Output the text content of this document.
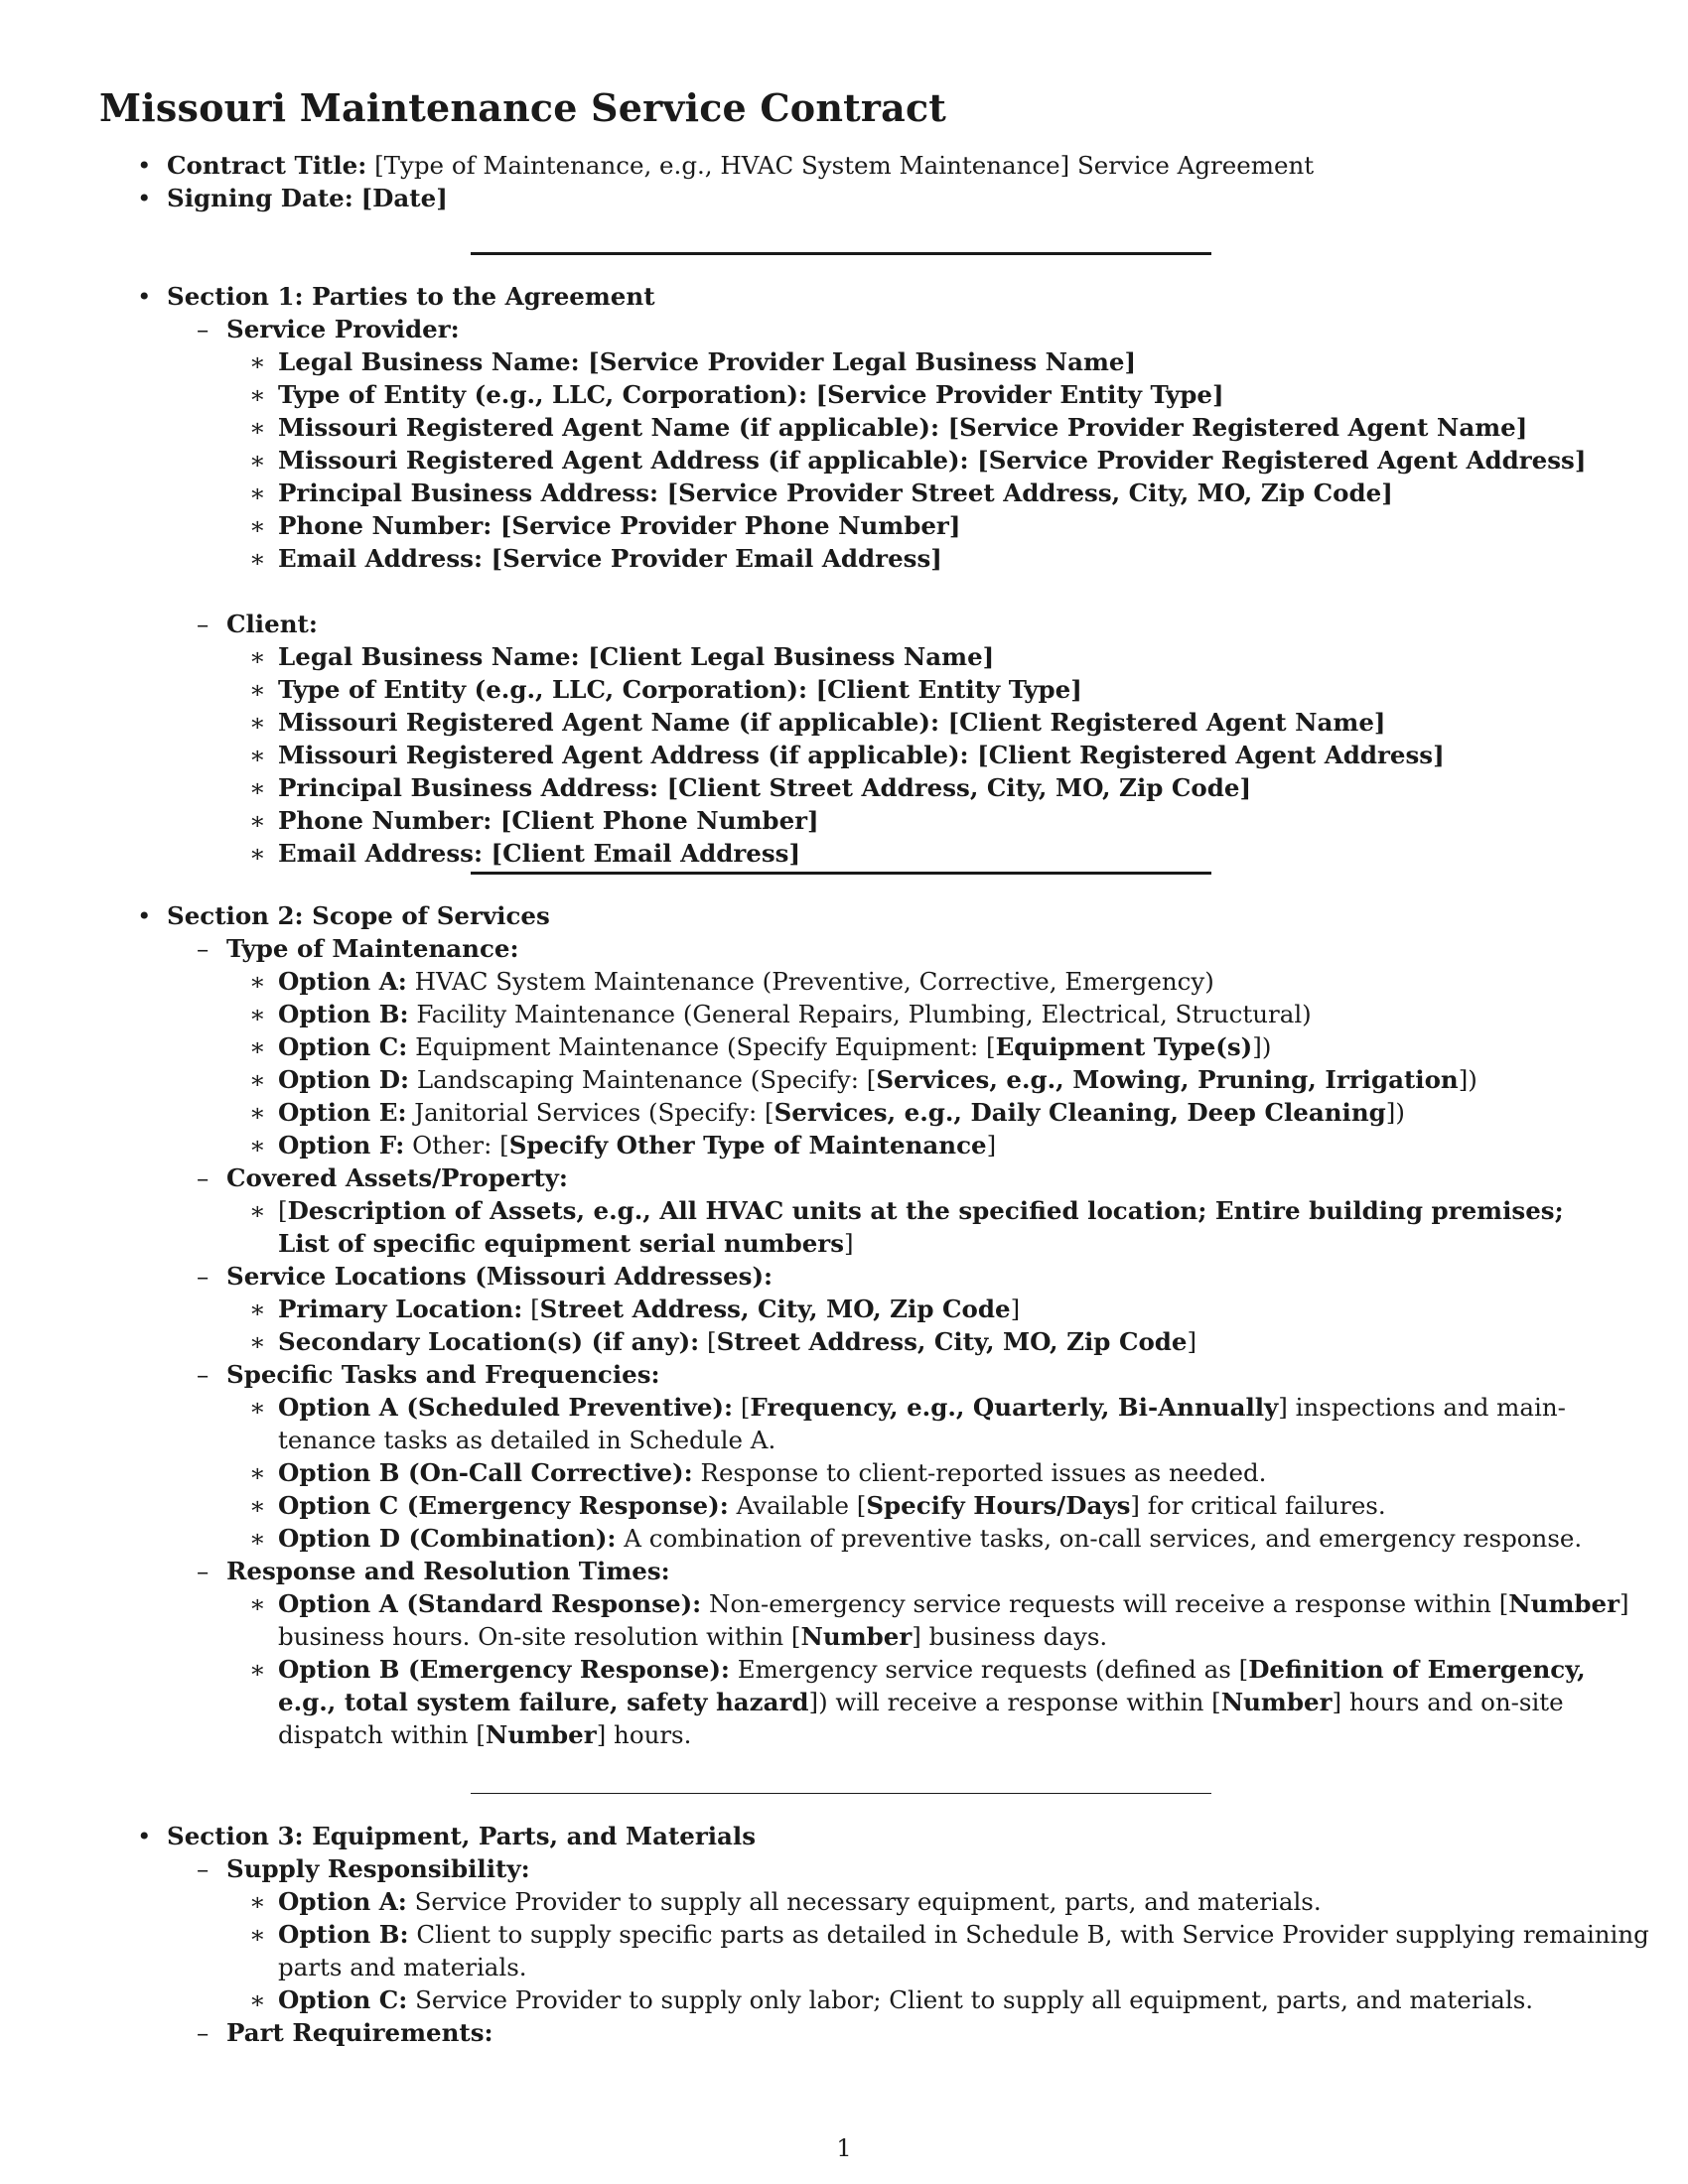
Missouri Maintenance Service Contract
• Contract Title: [Type of Maintenance, e.g., HVAC System Maintenance] Service Agreement
• Signing Date: [Date]
• Section 1: Parties to the Agreement
– Service Provider:
∗ Legal Business Name: [Service Provider Legal Business Name]
∗ Type of Entity (e.g., LLC, Corporation): [Service Provider Entity Type]
∗ Missouri Registered Agent Name (if applicable): [Service Provider Registered Agent Name]
∗ Missouri Registered Agent Address (if applicable): [Service Provider Registered Agent Address]
∗ Principal Business Address: [Service Provider Street Address, City, MO, Zip Code]
∗ Phone Number: [Service Provider Phone Number]
∗ Email Address: [Service Provider Email Address]
– Client:
∗ Legal Business Name: [Client Legal Business Name]
∗ Type of Entity (e.g., LLC, Corporation): [Client Entity Type]
∗ Missouri Registered Agent Name (if applicable): [Client Registered Agent Name]
∗ Missouri Registered Agent Address (if applicable): [Client Registered Agent Address]
∗ Principal Business Address: [Client Street Address, City, MO, Zip Code]
∗ Phone Number: [Client Phone Number]
∗ Email Address: [Client Email Address]
• Section 2: Scope of Services
– Type of Maintenance:
∗ Option A: HVAC System Maintenance (Preventive, Corrective, Emergency)
∗ Option B: Facility Maintenance (General Repairs, Plumbing, Electrical, Structural)
∗ Option C: Equipment Maintenance (Specify Equipment: [Equipment Type(s)])
∗ Option D: Landscaping Maintenance (Specify: [Services, e.g., Mowing, Pruning, Irrigation])
∗ Option E: Janitorial Services (Specify: [Services, e.g., Daily Cleaning, Deep Cleaning])
∗ Option F: Other: [Specify Other Type of Maintenance]
– Covered Assets/Property:
∗ [Description of Assets, e.g., All HVAC units at the specified location; Entire building premises;
List of specific equipment serial numbers]
– Service Locations (Missouri Addresses):
∗ Primary Location: [Street Address, City, MO, Zip Code]
∗ Secondary Location(s) (if any): [Street Address, City, MO, Zip Code]
– Specific Tasks and Frequencies:
∗ Option A (Scheduled Preventive): [Frequency, e.g., Quarterly, Bi-Annually] inspections and main-
tenance tasks as detailed in Schedule A.
∗ Option B (On-Call Corrective): Response to client-reported issues as needed.
∗ Option C (Emergency Response): Available [Specify Hours/Days] for critical failures.
∗ Option D (Combination): A combination of preventive tasks, on-call services, and emergency response.
– Response and Resolution Times:
∗ Option A (Standard Response): Non-emergency service requests will receive a response within [Number]
business hours. On-site resolution within [Number] business days.
∗ Option B (Emergency Response): Emergency service requests (defined as [Definition of Emergency,
e.g., total system failure, safety hazard]) will receive a response within [Number] hours and on-site
dispatch within [Number] hours.
• Section 3: Equipment, Parts, and Materials
– Supply Responsibility:
∗ Option A: Service Provider to supply all necessary equipment, parts, and materials.
∗ Option B: Client to supply specific parts as detailed in Schedule B, with Service Provider supplying remaining
parts and materials.
∗ Option C: Service Provider to supply only labor; Client to supply all equipment, parts, and materials.
– Part Requirements:
1
